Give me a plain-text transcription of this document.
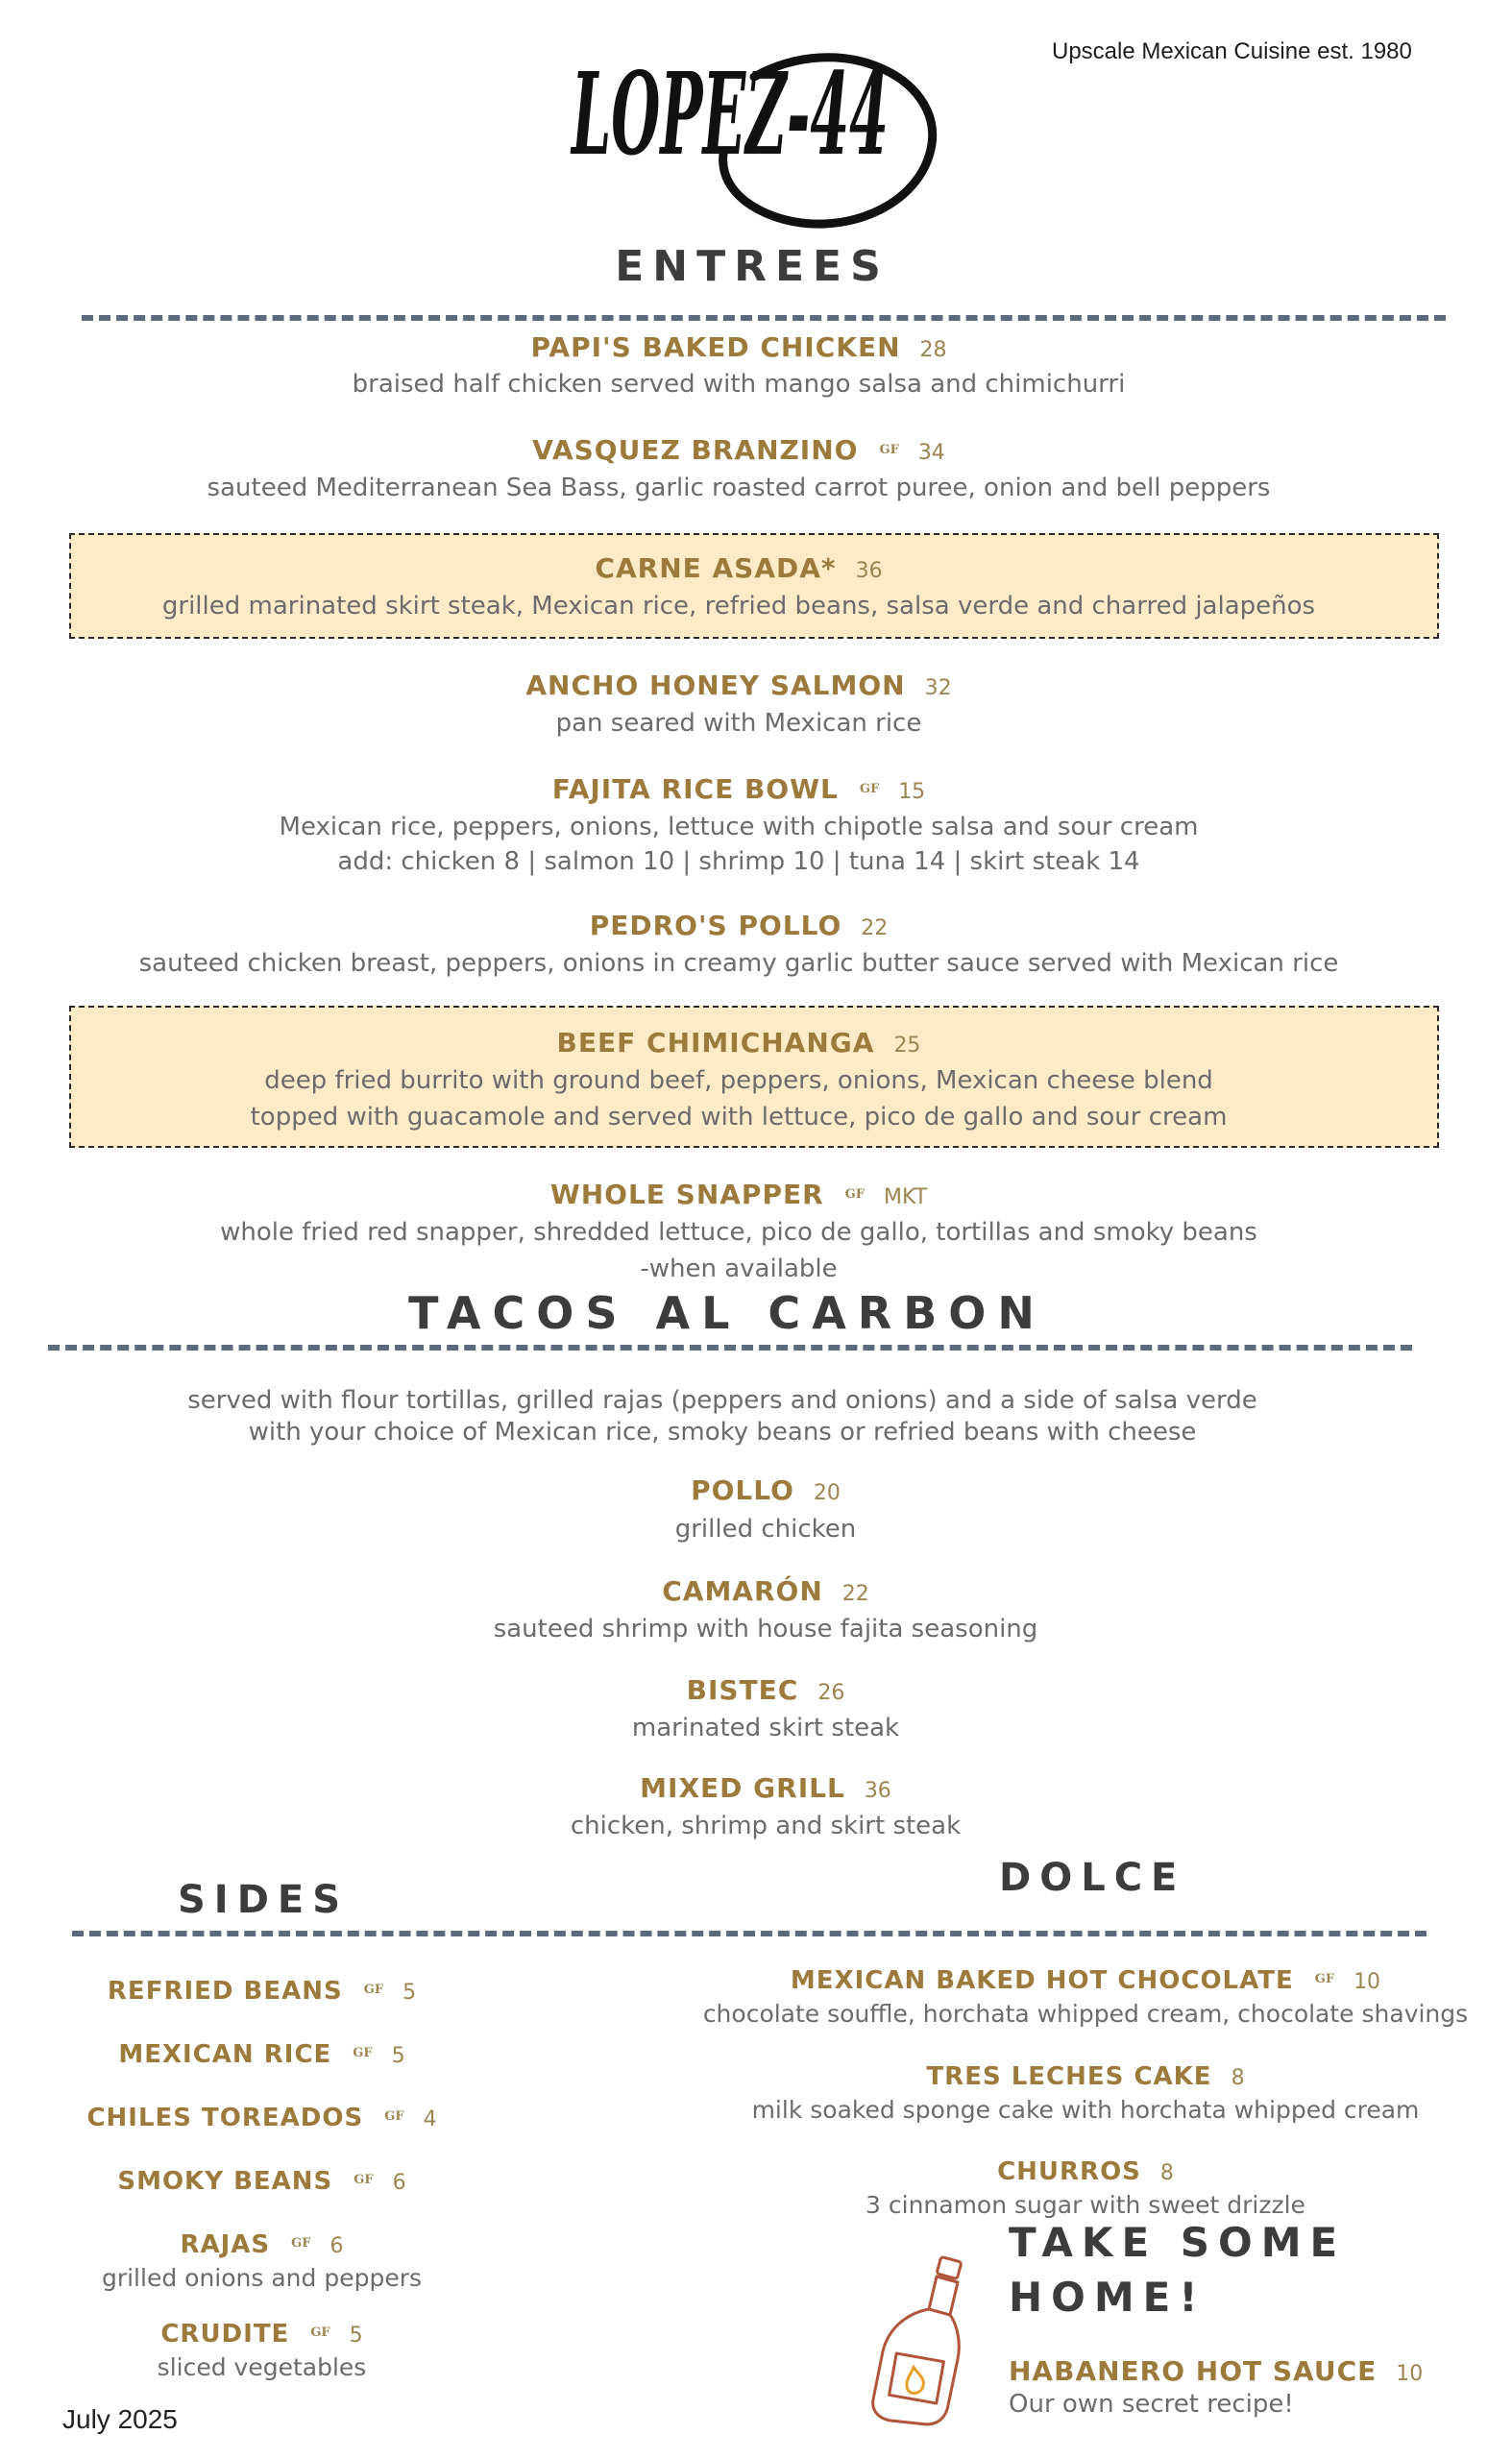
LOPEZ-44	Upscale Mexican Cuisine est. 1980
ENTREES
PAPI'S BAKED CHICKEN 28
braised half chicken served with mango salsa and chimichurri
VASQUEZ BRANZINO $^{GF}$ 34
sauteed Mediterranean Sea Bass, garlic roasted carrot puree, onion and bell peppers
CARNE ASADA* 36
grilled marinated skirt steak, Mexican rice, refried beans, salsa verde and charred jalapeños
ANCHO HONEY SALMON 32
pan seared with Mexican rice
FAJITA RICE BOWL $^{GF}$ 15
Mexican rice, peppers, onions, lettuce with chipotle salsa and sour cream
add: chicken 8 | salmon 10 | shrimp 10 | tuna 14 | skirt steak 14
PEDRO'S POLLO 22
sauteed chicken breast, peppers, onions in creamy garlic butter sauce served with Mexican rice
BEEF CHIMICHANGA 25
deep fried burrito with ground beef, peppers, onions, Mexican cheese blend
topped with guacamole and served with lettuce, pico de gallo and sour cream
WHOLE SNAPPER $^{GF}$ MKT
whole fried red snapper, shredded lettuce, pico de gallo, tortillas and smoky beans
-when available
TACOS AL CARBON
served with flour tortillas, grilled rajas (peppers and onions) and a side of salsa verde
with your choice of Mexican rice, smoky beans or refried beans with cheese
POLLO 20
grilled chicken
CAMARÓN 22
sauteed shrimp with house fajita seasoning
BISTEC 26
marinated skirt steak
MIXED GRILL 36
chicken, shrimp and skirt steak
SIDES	DOLCE
REFRIED BEANS $^{GF}$ 5
MEXICAN RICE $^{GF}$ 5
CHILES TOREADOS $^{GF}$ 4
SMOKY BEANS $^{GF}$ 6
RAJAS $^{GF}$ 6
grilled onions and peppers
CRUDITE $^{GF}$ 5
sliced vegetables
MEXICAN BAKED HOT CHOCOLATE $^{GF}$ 10
chocolate souffle, horchata whipped cream, chocolate shavings
TRES LECHES CAKE 8
milk soaked sponge cake with horchata whipped cream
CHURROS 8
3 cinnamon sugar with sweet drizzle
TAKE SOME
HOME!
HABANERO HOT SAUCE 10
Our own secret recipe!
July 2025
